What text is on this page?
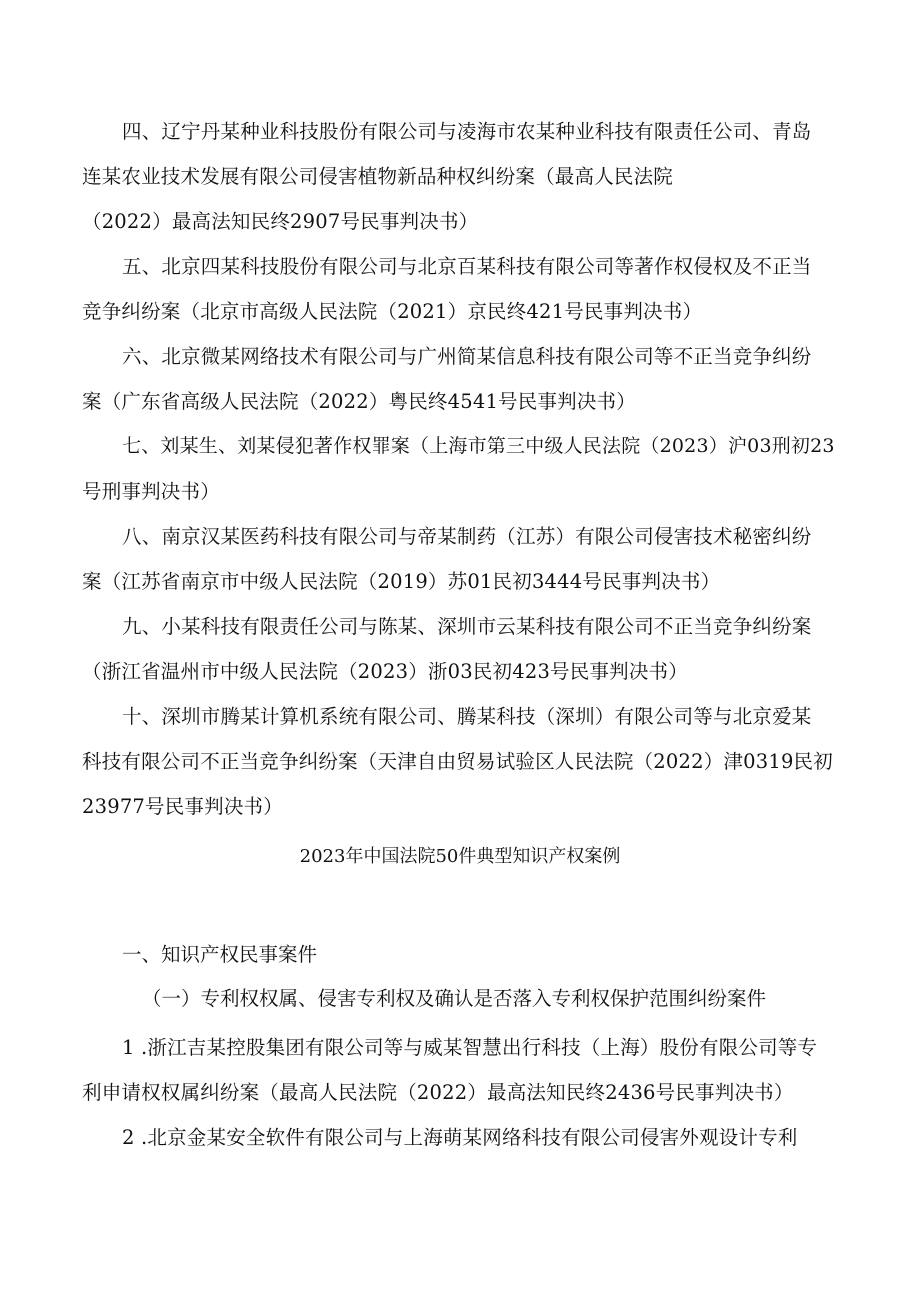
四、辽宁丹某种业科技股份有限公司与凌海市农某种业科技有限责任公司、青岛
连某农业技术发展有限公司侵害植物新品种权纠纷案（最高人民法院
（2022）最高法知民终2907号民事判决书）
五、北京四某科技股份有限公司与北京百某科技有限公司等著作权侵权及不正当
竞争纠纷案（北京市高级人民法院（2021）京民终421号民事判决书）
六、北京微某网络技术有限公司与广州简某信息科技有限公司等不正当竞争纠纷
案（广东省高级人民法院（2022）粤民终4541号民事判决书）
七、刘某生、刘某侵犯著作权罪案（上海市第三中级人民法院（2023）沪03刑初23
号刑事判决书）
八、南京汉某医药科技有限公司与帝某制药（江苏）有限公司侵害技术秘密纠纷
案（江苏省南京市中级人民法院（2019）苏01民初3444号民事判决书）
九、小某科技有限责任公司与陈某、深圳市云某科技有限公司不正当竞争纠纷案
（浙江省温州市中级人民法院（2023）浙03民初423号民事判决书）
十、深圳市腾某计算机系统有限公司、腾某科技（深圳）有限公司等与北京爱某
科技有限公司不正当竞争纠纷案（天津自由贸易试验区人民法院（2022）津0319民初
23977号民事判决书）
2023年中国法院50件典型知识产权案例
一、知识产权民事案件
（一）专利权权属、侵害专利权及确认是否落入专利权保护范围纠纷案件
1 .浙江吉某控股集团有限公司等与威某智慧出行科技（上海）股份有限公司等专
利申请权权属纠纷案（最高人民法院（2022）最高法知民终2436号民事判决书）
2 .北京金某安全软件有限公司与上海萌某网络科技有限公司侵害外观设计专利
